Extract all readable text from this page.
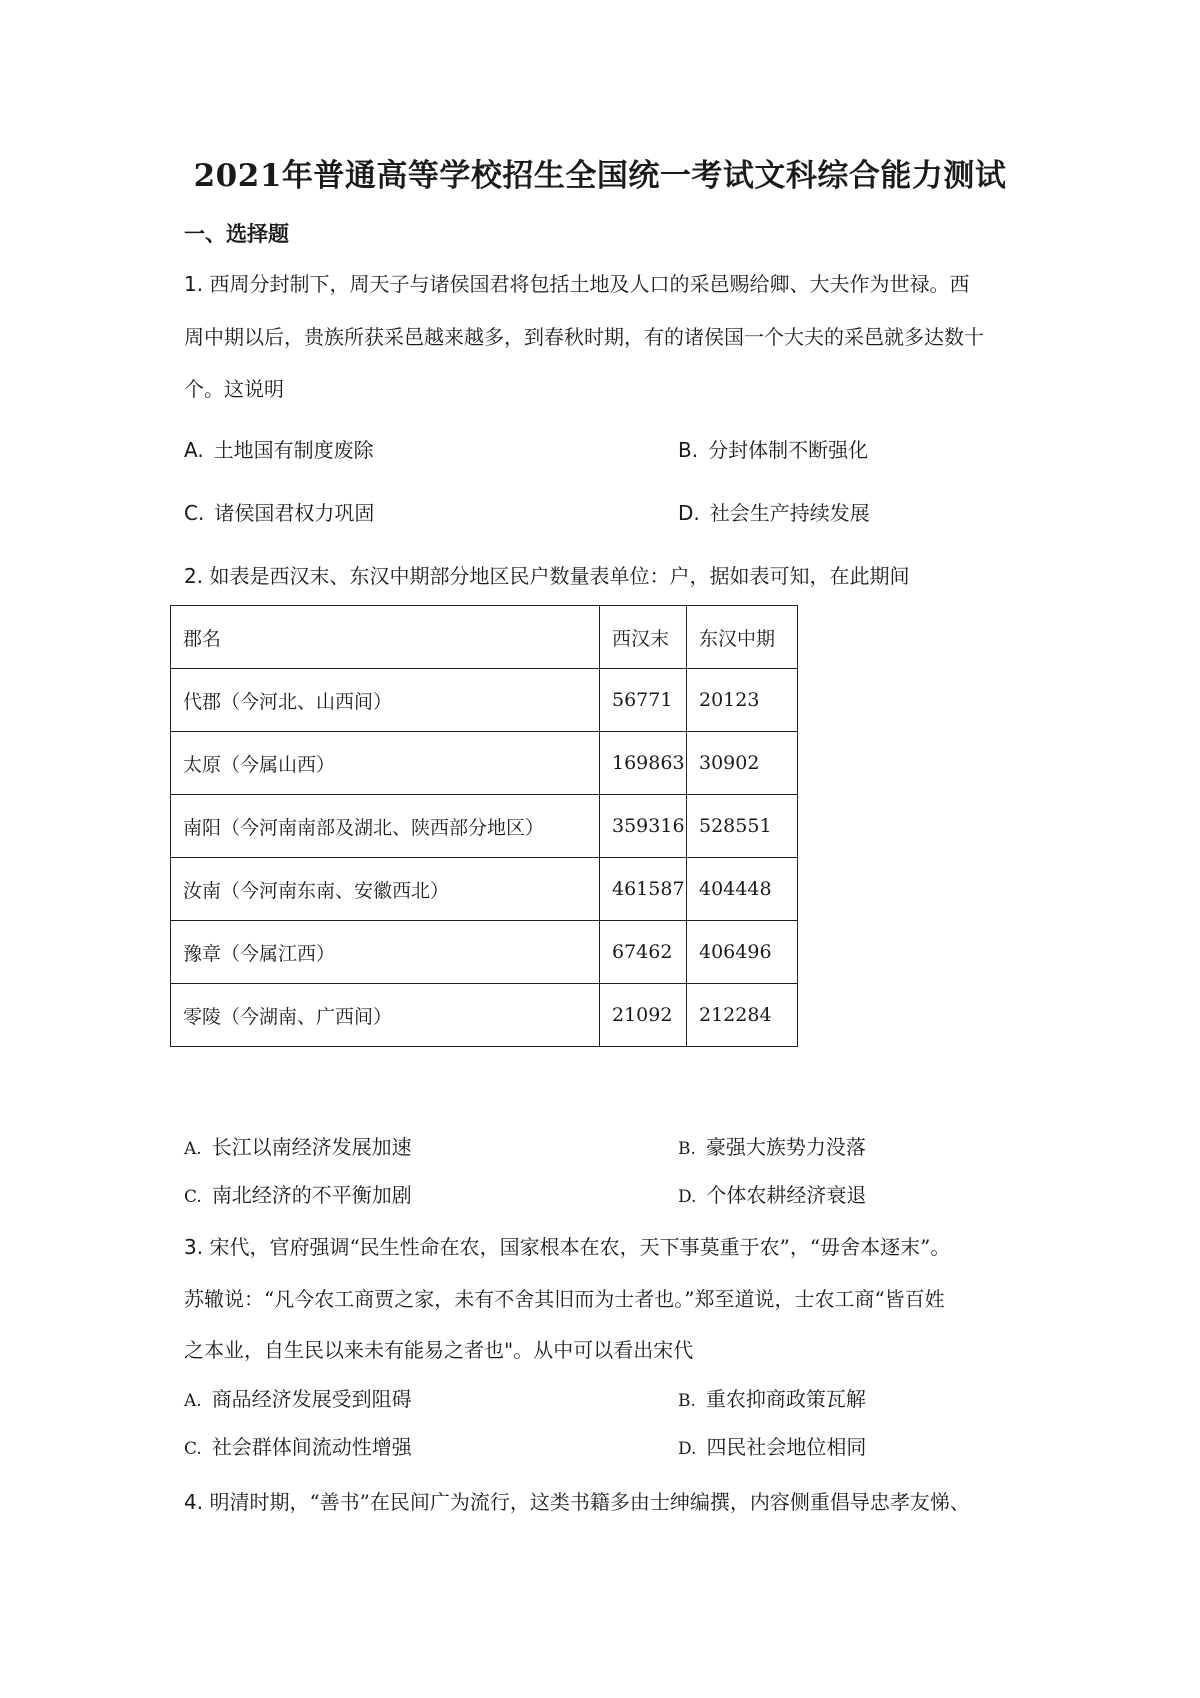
2021年普通高等学校招生全国统一考试文科综合能力测试
一、选择题
1. 西周分封制下，周天子与诸侯国君将包括土地及人口的采邑赐给卿、大夫作为世禄。西
周中期以后，贵族所获采邑越来越多，到春秋时期，有的诸侯国一个大夫的采邑就多达数十
个。这说明
A. 土地国有制度废除	B. 分封体制不断强化
C. 诸侯国君权力巩固	D. 社会生产持续发展
2. 如表是西汉末、东汉中期部分地区民户数量表单位：户，据如表可知，在此期间
郡名	西汉末	东汉中期
代郡（今河北、山西间）	56771	20123
太原（今属山西）	169863	30902
南阳（今河南南部及湖北、陕西部分地区）	359316	528551
汝南（今河南东南、安徽西北）	461587	404448
豫章（今属江西）	67462	406496
零陵（今湖南、广西间）	21092	212284
A. 长江以南经济发展加速	B. 豪强大族势力没落
C. 南北经济的不平衡加剧	D. 个体农耕经济衰退
3. 宋代，官府强调“民生性命在农，国家根本在农，天下事莫重于农”，“毋舍本逐末”。
苏辙说：“凡今农工商贾之家，未有不舍其旧而为士者也。”郑至道说，士农工商“皆百姓
之本业，自生民以来未有能易之者也"。从中可以看出宋代
A. 商品经济发展受到阻碍	B. 重农抑商政策瓦解
C. 社会群体间流动性增强	D. 四民社会地位相同
4. 明清时期，“善书”在民间广为流行，这类书籍多由士绅编撰，内容侧重倡导忠孝友悌、
